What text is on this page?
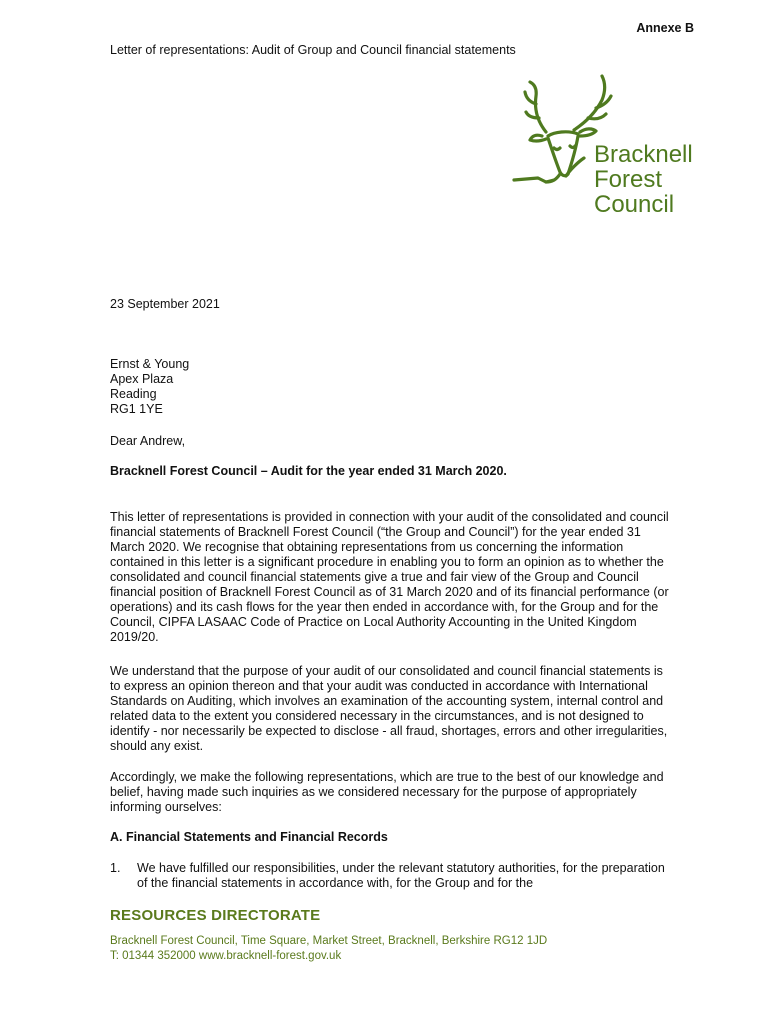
Annexe B
Letter of representations: Audit of Group and Council financial statements
Bracknell
Forest
Council
23 September 2021

Ernst & Young

Apex Plaza

Reading

RG1 1YE

Dear Andrew,
Bracknell Forest Council – Audit for the year ended 31 March 2020.
This letter of representations is provided in connection with your audit of the consolidated and council financial statements of Bracknell Forest Council (“the Group and Council”) for the year ended 31 March 2020. We recognise that obtaining representations from us concerning the information contained in this letter is a significant procedure in enabling you to form an opinion as to whether the consolidated and council financial statements give a true and fair view of the Group and Council financial position of Bracknell Forest Council as of 31 March 2020 and of its financial performance (or operations) and its cash flows for the year then ended in accordance with, for the Group and for the Council, CIPFA LASAAC Code of Practice on Local Authority Accounting in the United Kingdom 2019/20.
We understand that the purpose of your audit of our consolidated and council financial statements is to express an opinion thereon and that your audit was conducted in accordance with International Standards on Auditing, which involves an examination of the accounting system, internal control and related data to the extent you considered necessary in the circumstances, and is not designed to identify - nor necessarily be expected to disclose - all fraud, shortages, errors and other irregularities, should any exist.
Accordingly, we make the following representations, which are true to the best of our knowledge and belief, having made such inquiries as we considered necessary for the purpose of appropriately informing ourselves:
A. Financial Statements and Financial Records
1. We have fulfilled our responsibilities, under the relevant statutory authorities, for the preparation of the financial statements in accordance with, for the Group and for the
RESOURCES DIRECTORATE
Bracknell Forest Council, Time Square, Market Street, Bracknell, Berkshire RG12 1JD
T: 01344 352000 www.bracknell-forest.gov.uk
